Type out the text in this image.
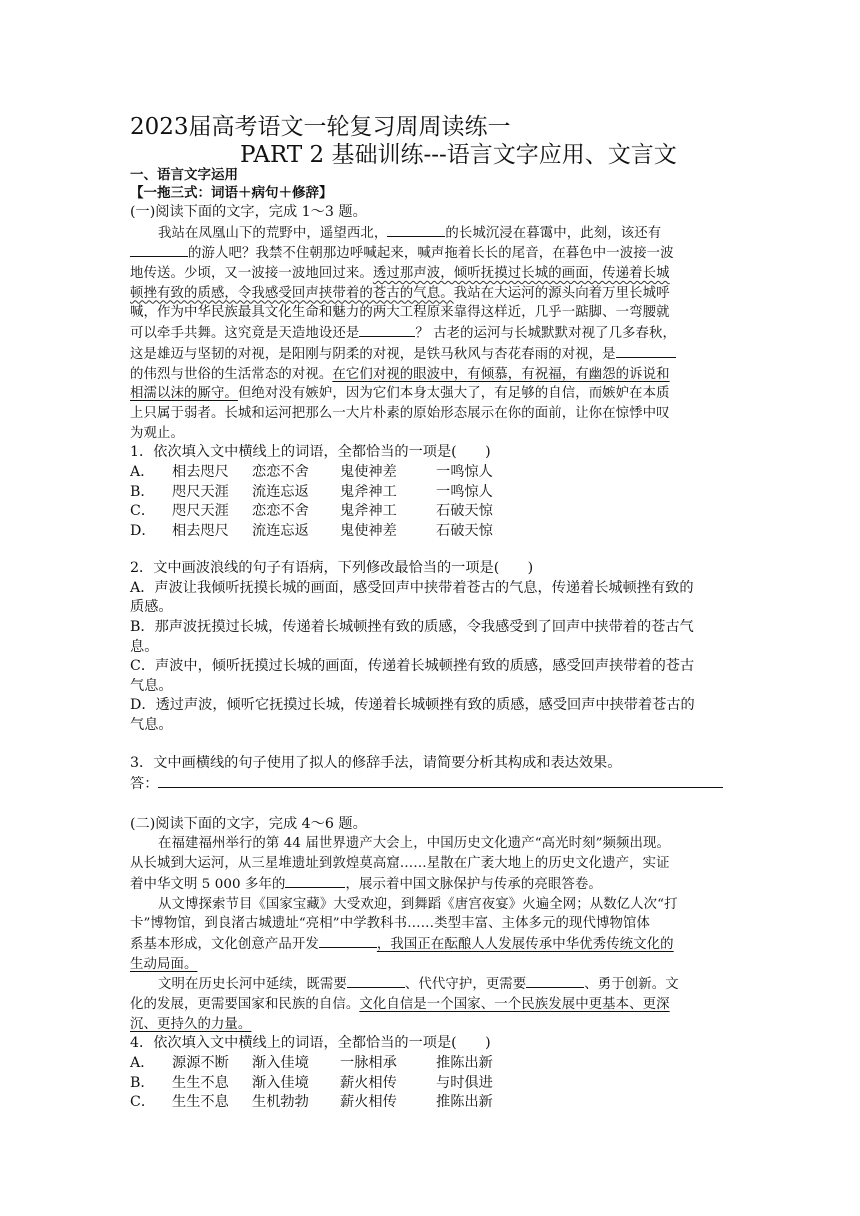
2023届高考语文一轮复习周周读练一
PART 2 基础训练---语言文字应用、文言文
一、语言文字运用
【一拖三式：词语＋病句＋修辞】
(一)阅读下面的文字，完成 1～3 题。
我站在凤凰山下的荒野中，遥望西北，	的长城沉浸在暮霭中，此刻，该还有
的游人吧？我禁不住朝那边呼喊起来，喊声拖着长长的尾音，在暮色中一波接一波
地传送。少顷，又一波接一波地回过来。透过那声波，倾听抚摸过长城的画面，传递着长城
顿挫有致的质感，令我感受回声挟带着的苍古的气息。我站在大运河的源头向着万里长城呼
喊，作为中华民族最具文化生命和魅力的两大工程原来靠得这样近，几乎一踮脚、一弯腰就
可以牵手共舞。这究竟是天造地设还是	？ 古老的运河与长城默默对视了几多春秋，
这是雄迈与坚韧的对视，是阳刚与阴柔的对视，是铁马秋风与杏花春雨的对视，是
的伟烈与世俗的生活常态的对视。在它们对视的眼波中，有倾慕，有祝福，有幽怨的诉说和
相濡以沫的厮守。但绝对没有嫉妒，因为它们本身太强大了，有足够的自信，而嫉妒在本质
上只属于弱者。长城和运河把那么一大片朴素的原始形态展示在你的面前，让你在惊悸中叹
为观止。
1．依次填入文中横线上的词语，全都恰当的一项是(　　)
A．	相去咫尺	恋恋不舍	鬼使神差	一鸣惊人
B．	咫尺天涯	流连忘返	鬼斧神工	一鸣惊人
C．	咫尺天涯	恋恋不舍	鬼斧神工	石破天惊
D．	相去咫尺	流连忘返	鬼使神差	石破天惊
2．文中画波浪线的句子有语病，下列修改最恰当的一项是(　　)
A．声波让我倾听抚摸长城的画面，感受回声中挟带着苍古的气息，传递着长城顿挫有致的
质感。
B．那声波抚摸过长城，传递着长城顿挫有致的质感，令我感受到了回声中挟带着的苍古气
息。
C．声波中，倾听抚摸过长城的画面，传递着长城顿挫有致的质感，感受回声挟带着的苍古
气息。
D．透过声波，倾听它抚摸过长城，传递着长城顿挫有致的质感，感受回声中挟带着苍古的
气息。
3．文中画横线的句子使用了拟人的修辞手法，请简要分析其构成和表达效果。
答：
(二)阅读下面的文字，完成 4～6 题。
在福建福州举行的第 44 届世界遗产大会上，中国历史文化遗产“高光时刻”频频出现。
从长城到大运河，从三星堆遗址到敦煌莫高窟……星散在广袤大地上的历史文化遗产，实证
着中华文明 5 000 多年的	，展示着中国文脉保护与传承的亮眼答卷。
从文博探索节目《国家宝藏》大受欢迎，到舞蹈《唐宫夜宴》火遍全网；从数亿人次“打
卡”博物馆，到良渚古城遗址“亮相”中学教科书……类型丰富、主体多元的现代博物馆体
系基本形成，文化创意产品开发	，我国正在酝酿人人发展传承中华优秀传统文化的
生动局面。
文明在历史长河中延续，既需要	、代代守护，更需要	、勇于创新。文
化的发展，更需要国家和民族的自信。文化自信是一个国家、一个民族发展中更基本、更深
沉、更持久的力量。
4．依次填入文中横线上的词语，全都恰当的一项是(　　)
A．	源源不断	渐入佳境	一脉相承	推陈出新
B．	生生不息	渐入佳境	薪火相传	与时俱进
C．	生生不息	生机勃勃	薪火相传	推陈出新
